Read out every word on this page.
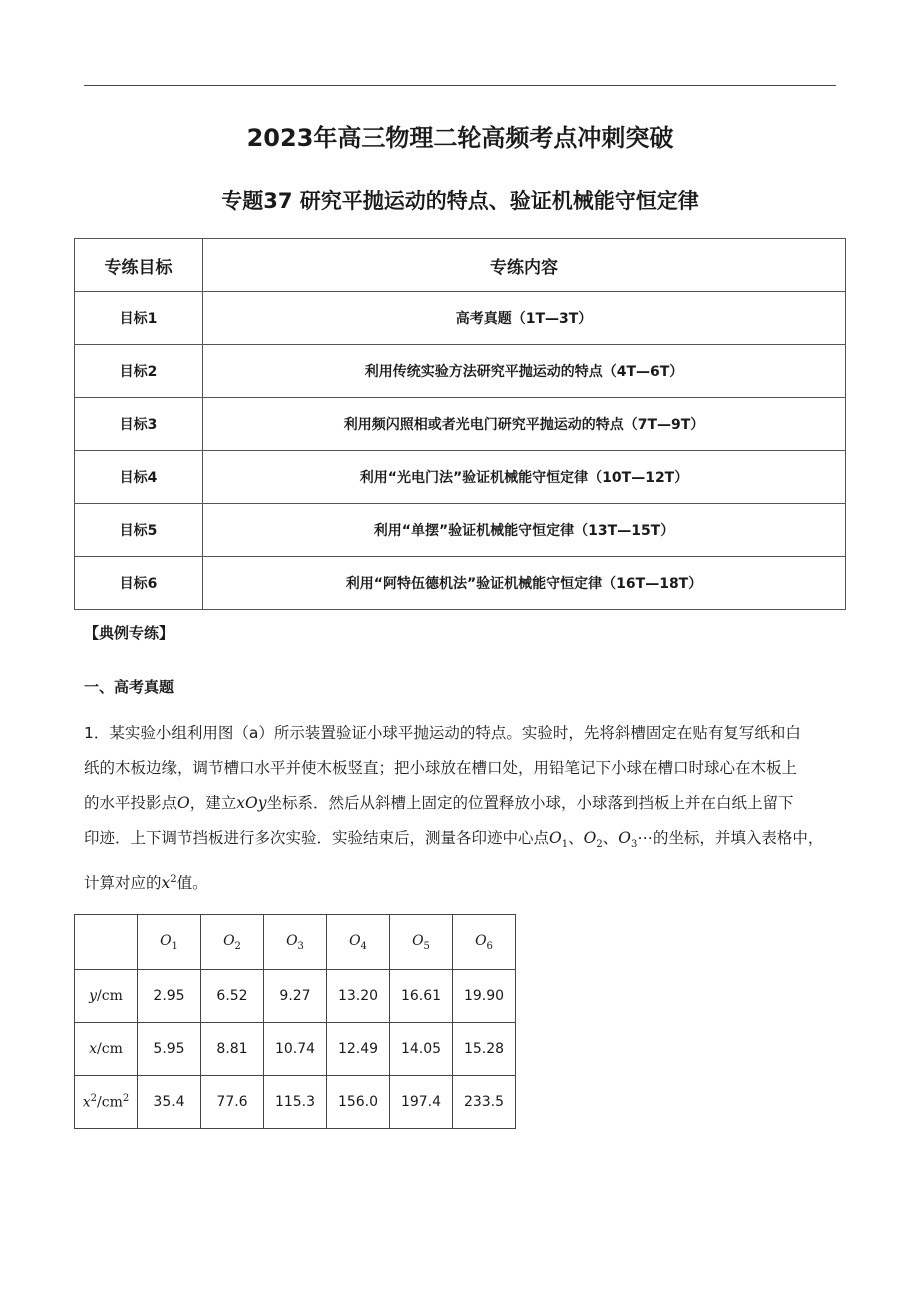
2023年高三物理二轮高频考点冲刺突破
专题37 研究平抛运动的特点、验证机械能守恒定律
专练目标	专练内容
目标1	高考真题（1T—3T）
目标2	利用传统实验方法研究平抛运动的特点（4T—6T）
目标3	利用频闪照相或者光电门研究平抛运动的特点（7T—9T）
目标4	利用“光电门法”验证机械能守恒定律（10T—12T）
目标5	利用“单摆”验证机械能守恒定律（13T—15T）
目标6	利用“阿特伍德机法”验证机械能守恒定律（16T—18T）
【典例专练】
一、高考真题
1．某实验小组利用图（a）所示装置验证小球平抛运动的特点。实验时，先将斜槽固定在贴有复写纸和白
纸的木板边缘，调节槽口水平并使木板竖直；把小球放在槽口处，用铅笔记下小球在槽口时球心在木板上
的水平投影点O，建立xOy坐标系．然后从斜槽上固定的位置释放小球，小球落到挡板上并在白纸上留下
印迹．上下调节挡板进行多次实验．实验结束后，测量各印迹中心点$O_1$、$O_2$、$O_3\cdots$的坐标，并填入表格中，
计算对应的$x^2$值。
	$O_1$	$O_2$	$O_3$	$O_4$	$O_5$	$O_6$
y/cm	2.95	6.52	9.27	13.20	16.61	19.90
x/cm	5.95	8.81	10.74	12.49	14.05	15.28
$x^2/cm^2$	35.4	77.6	115.3	156.0	197.4	233.5
